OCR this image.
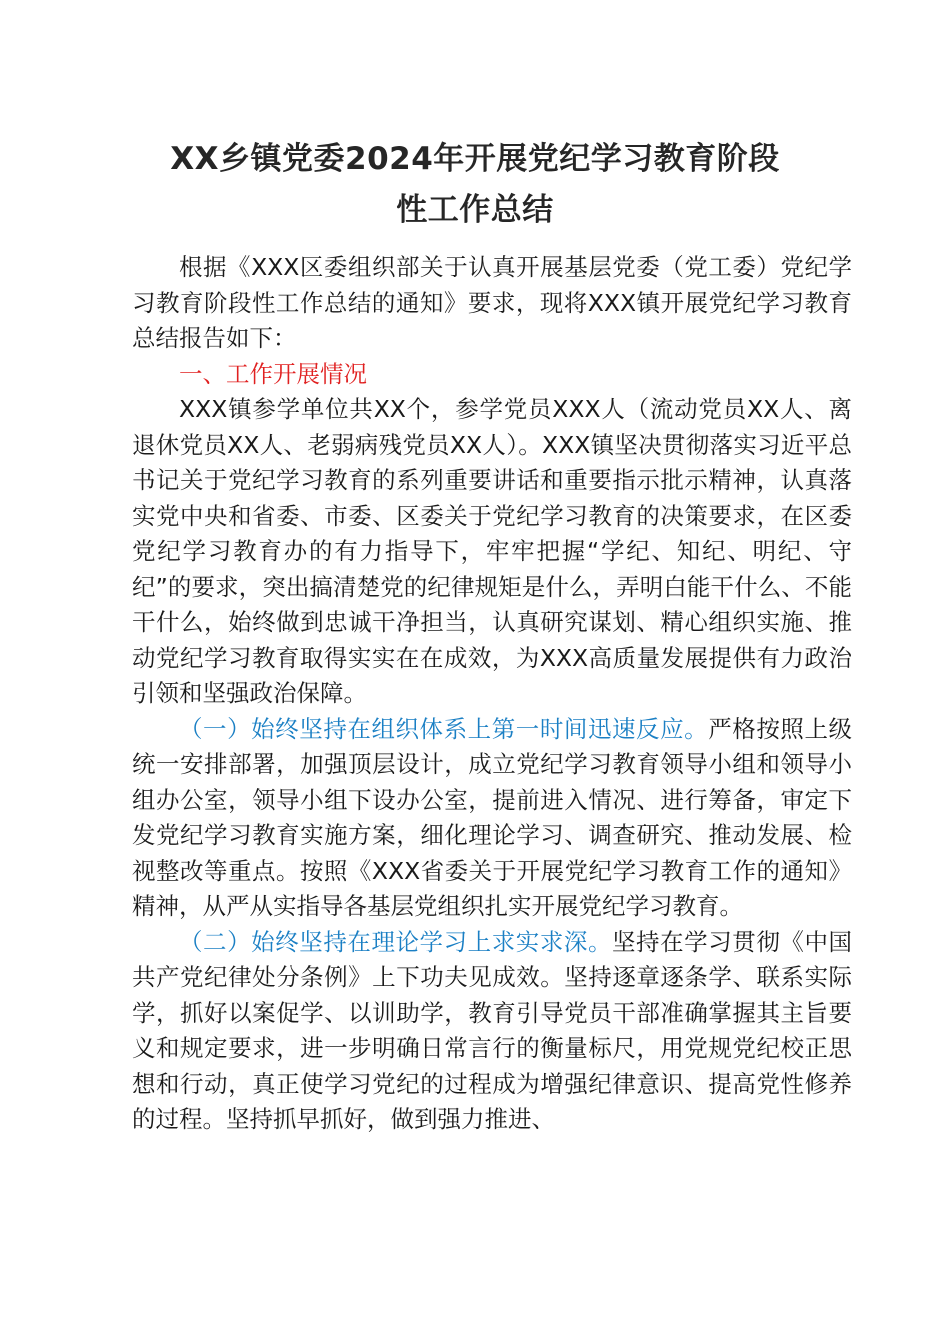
XX乡镇党委2024年开展党纪学习教育阶段
性工作总结

根据《XXX区委组织部关于认真开展基层党委（党工委）党纪学习教育阶段性工作总结的通知》要求，现将XXX镇开展党纪学习教育总结报告如下：

一、工作开展情况

XXX镇参学单位共XX个，参学党员XXX人（流动党员XX人、离退休党员XX人、老弱病残党员XX人）。XXX镇坚决贯彻落实习近平总书记关于党纪学习教育的系列重要讲话和重要指示批示精神，认真落实党中央和省委、市委、区委关于党纪学习教育的决策要求，在区委党纪学习教育办的有力指导下，牢牢把握“学纪、知纪、明纪、守纪”的要求，突出搞清楚党的纪律规矩是什么，弄明白能干什么、不能干什么，始终做到忠诚干净担当，认真研究谋划、精心组织实施、推动党纪学习教育取得实实在在成效，为XXX高质量发展提供有力政治引领和坚强政治保障。

（一）始终坚持在组织体系上第一时间迅速反应。严格按照上级统一安排部署，加强顶层设计，成立党纪学习教育领导小组和领导小组办公室，领导小组下设办公室，提前进入情况、进行筹备，审定下发党纪学习教育实施方案，细化理论学习、调查研究、推动发展、检视整改等重点。按照《XXX省委关于开展党纪学习教育工作的通知》精神，从严从实指导各基层党组织扎实开展党纪学习教育。

（二）始终坚持在理论学习上求实求深。坚持在学习贯彻《中国共产党纪律处分条例》上下功夫见成效。坚持逐章逐条学、联系实际学，抓好以案促学、以训助学，教育引导党员干部准确掌握其主旨要义和规定要求，进一步明确日常言行的衡量标尺，用党规党纪校正思想和行动，真正使学习党纪的过程成为增强纪律意识、提高党性修养的过程。坚持抓早抓好，做到强力推进、
